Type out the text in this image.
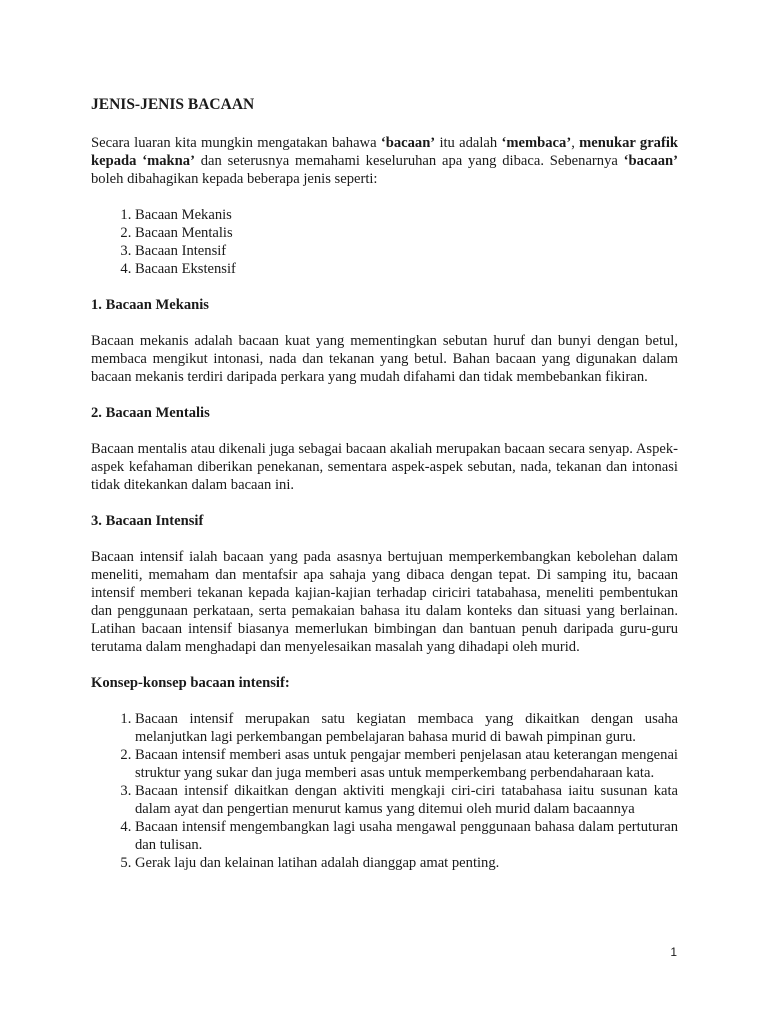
JENIS-JENIS BACAAN

Secara luaran kita mungkin mengatakan bahawa ‘bacaan’ itu adalah ‘membaca’, menukar grafik kepada ‘makna’ dan seterusnya memahami keseluruhan apa yang dibaca. Sebenarnya ‘bacaan’ boleh dibahagikan kepada beberapa jenis seperti:

1. Bacaan Mekanis
2. Bacaan Mentalis
3. Bacaan Intensif
4. Bacaan Ekstensif
1. Bacaan Mekanis

Bacaan mekanis adalah bacaan kuat yang mementingkan sebutan huruf dan bunyi dengan betul, membaca mengikut intonasi, nada dan tekanan yang betul. Bahan bacaan yang digunakan dalam bacaan mekanis terdiri daripada perkara yang mudah difahami dan tidak membebankan fikiran.

2. Bacaan Mentalis

Bacaan mentalis atau dikenali juga sebagai bacaan akaliah merupakan bacaan secara senyap. Aspek-aspek kefahaman diberikan penekanan, sementara aspek-aspek sebutan, nada, tekanan dan intonasi tidak ditekankan dalam bacaan ini.

3. Bacaan Intensif

Bacaan intensif ialah bacaan yang pada asasnya bertujuan memperkembangkan kebolehan dalam meneliti, memaham dan mentafsir apa sahaja yang dibaca dengan tepat. Di samping itu, bacaan intensif memberi tekanan kepada kajian-kajian terhadap ciriciri tatabahasa, meneliti pembentukan dan penggunaan perkataan, serta pemakaian bahasa itu dalam konteks dan situasi yang berlainan. Latihan bacaan intensif biasanya memerlukan bimbingan dan bantuan penuh daripada guru-guru terutama dalam menghadapi dan menyelesaikan masalah yang dihadapi oleh murid.

Konsep-konsep bacaan intensif:
1. Bacaan intensif merupakan satu kegiatan membaca yang dikaitkan dengan usaha melanjutkan lagi perkembangan pembelajaran bahasa murid di bawah pimpinan guru.
2. Bacaan intensif memberi asas untuk pengajar memberi penjelasan atau keterangan mengenai struktur yang sukar dan juga memberi asas untuk memperkembang perbendaharaan kata.
3. Bacaan intensif dikaitkan dengan aktiviti mengkaji ciri-ciri tatabahasa iaitu susunan kata dalam ayat dan pengertian menurut kamus yang ditemui oleh murid dalam bacaannya
4. Bacaan intensif mengembangkan lagi usaha mengawal penggunaan bahasa dalam pertuturan dan tulisan.
5. Gerak laju dan kelainan latihan adalah dianggap amat penting.
1
